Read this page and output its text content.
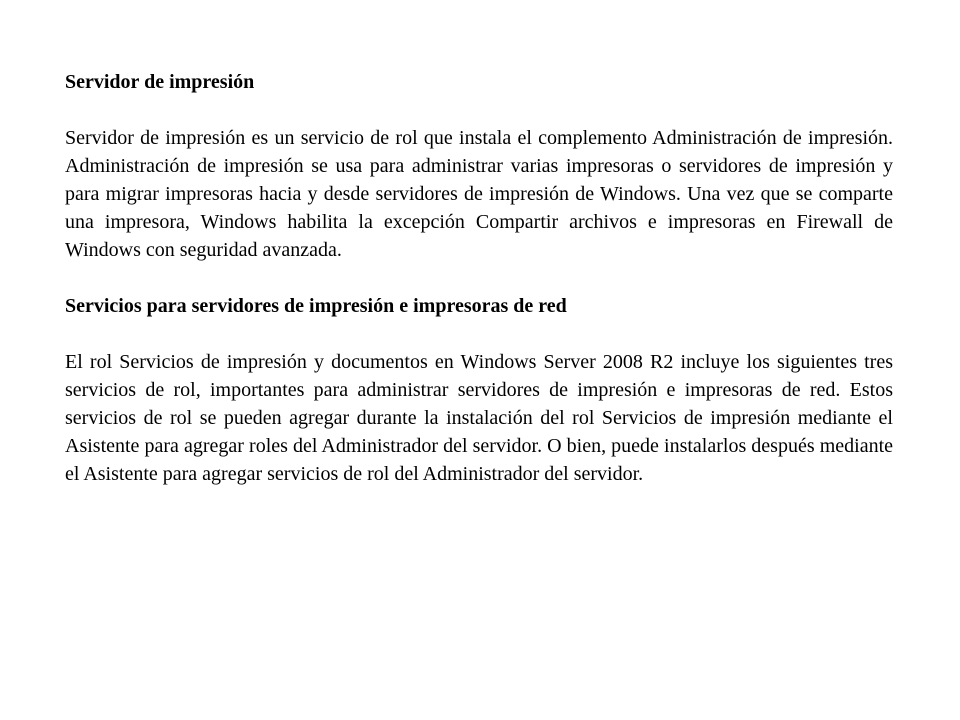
Servidor de impresión

Servidor de impresión es un servicio de rol que instala el complemento Administración de impresión. Administración de impresión se usa para administrar varias impresoras o servidores de impresión y para migrar impresoras hacia y desde servidores de impresión de Windows. Una vez que se comparte una impresora, Windows habilita la excepción Compartir archivos e impresoras en Firewall de Windows con seguridad avanzada.

Servicios para servidores de impresión e impresoras de red

El rol Servicios de impresión y documentos en Windows Server 2008 R2 incluye los siguientes tres servicios de rol, importantes para administrar servidores de impresión e impresoras de red. Estos servicios de rol se pueden agregar durante la instalación del rol Servicios de impresión mediante el Asistente para agregar roles del Administrador del servidor. O bien, puede instalarlos después mediante el Asistente para agregar servicios de rol del Administrador del servidor.
